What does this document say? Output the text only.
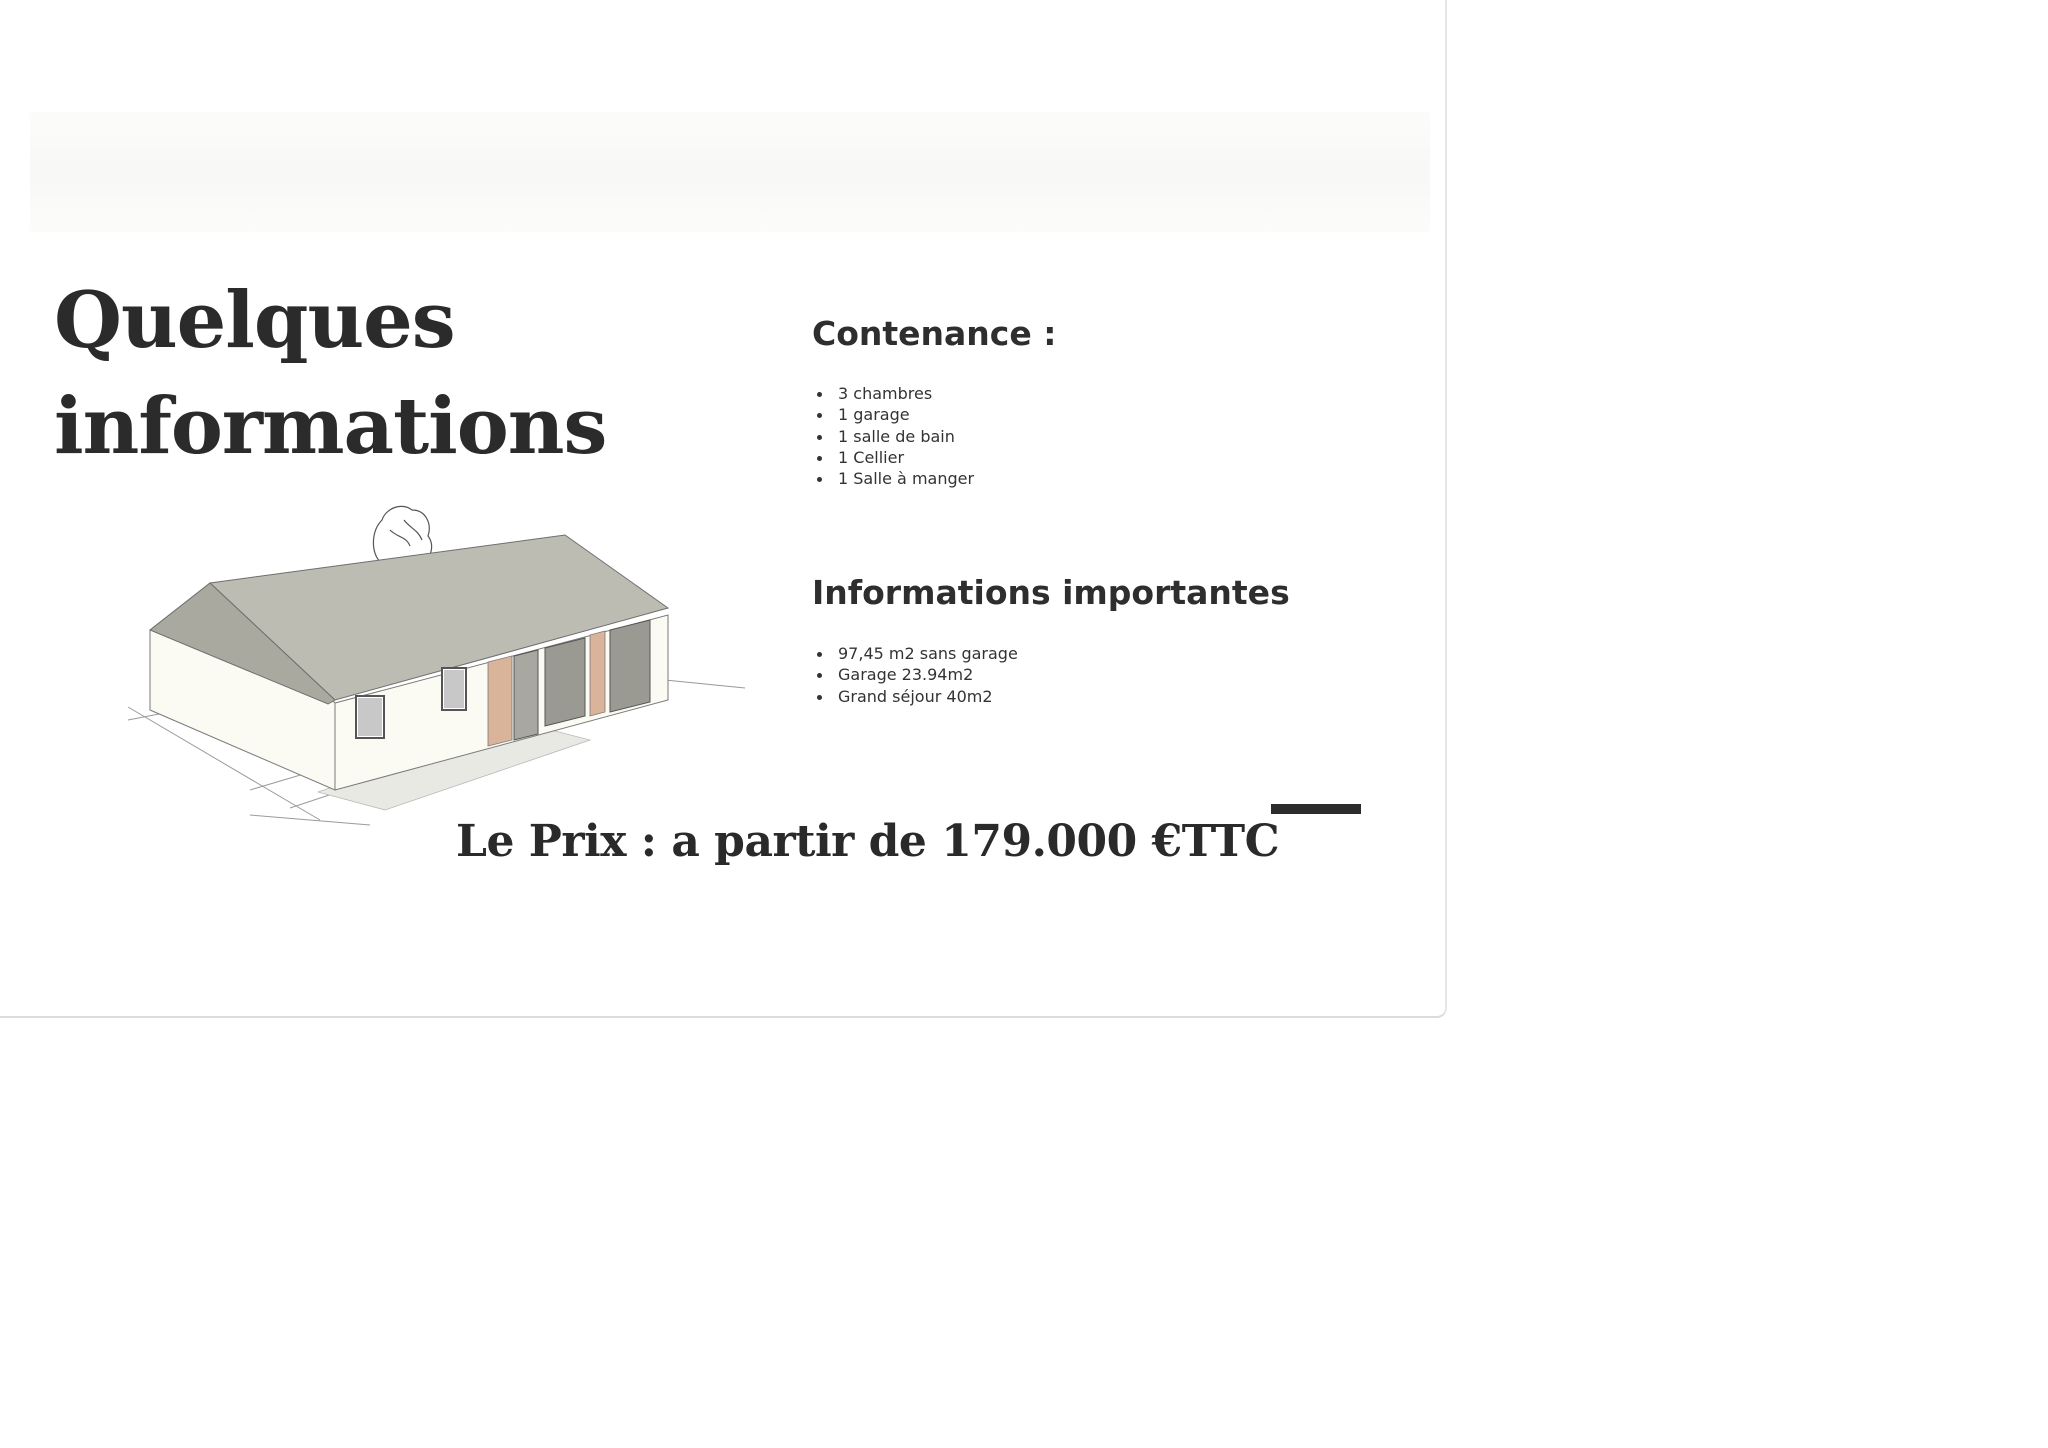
Quelques
informations
Contenance :
3 chambres
1 garage
1 salle de bain
1 Cellier
1 Salle à manger
Informations importantes
97,45 m2 sans garage
Garage 23.94m2
Grand séjour 40m2

Le Prix : a partir de 179.000 €TTC
